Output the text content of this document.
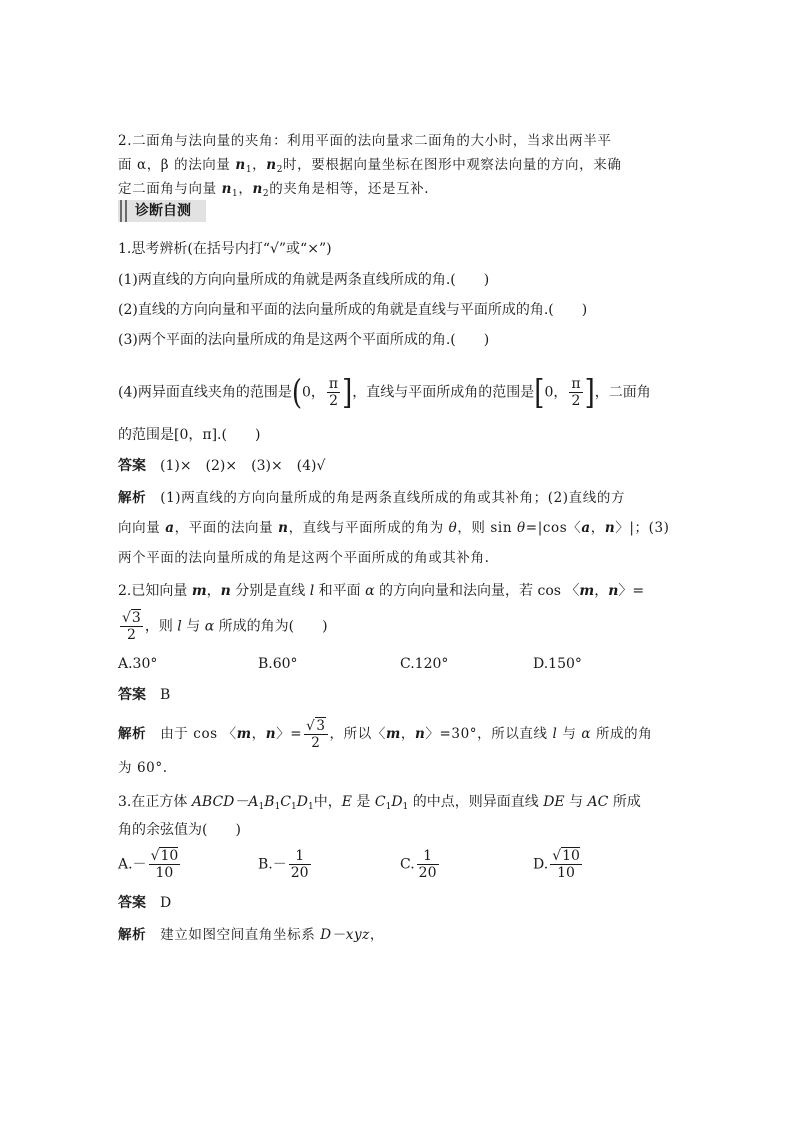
2.二面角与法向量的夹角：利用平面的法向量求二面角的大小时，当求出两半平
面 α，β 的法向量 $n_1$，$n_2$时，要根据向量坐标在图形中观察法向量的方向，来确
定二面角与向量 $n_1$，$n_2$的夹角是相等，还是互补.
诊断自测
1.思考辨析(在括号内打“√”或“×”)
(1)两直线的方向向量所成的角就是两条直线所成的角.(　　)
(2)直线的方向向量和平面的法向量所成的角就是直线与平面所成的角.(　　)
(3)两个平面的法向量所成的角是这两个平面所成的角.(　　)
(4)两异面直线夹角的范围是(0， $\frac{\pi}{2}$ ]，直线与平面所成角的范围是[0， $\frac{\pi}{2}$ ]，二面角
的范围是[0，π].(　　)
答案 (1)×　(2)×　(3)×　(4)√
解析 (1)两直线的方向向量所成的角是两条直线所成的角或其补角；(2)直线的方
向向量 a，平面的法向量 n，直线与平面所成的角为 θ，则 sin θ=|cos〈a，n〉|；(3)
两个平面的法向量所成的角是这两个平面所成的角或其补角.
2.已知向量 m，n 分别是直线 l 和平面 α 的方向向量和法向量，若 cos 〈m，n〉=
$\frac{√3}{2}$ ，则 l 与 α 所成的角为(　　)
A.30°	B.60°	C.120°	D.150°
答案 B
解析 由于 cos 〈m，n〉= $\frac{√3}{2}$ ，所以〈m，n〉=30°，所以直线 l 与 α 所成的角
为 60°.
3.在正方体 $ABCD-A_1B_1C_1D_1$中，E 是 $C_1D_1$ 的中点，则异面直线 DE 与 AC 所成
角的余弦值为(　　)
$A.- \frac{√10}{10}$	$B.- \frac{1}{20}$	C. $\frac{1}{20}$	D. $\frac{√10}{10}$
答案 D
解析 建立如图空间直角坐标系 D－xyz，
